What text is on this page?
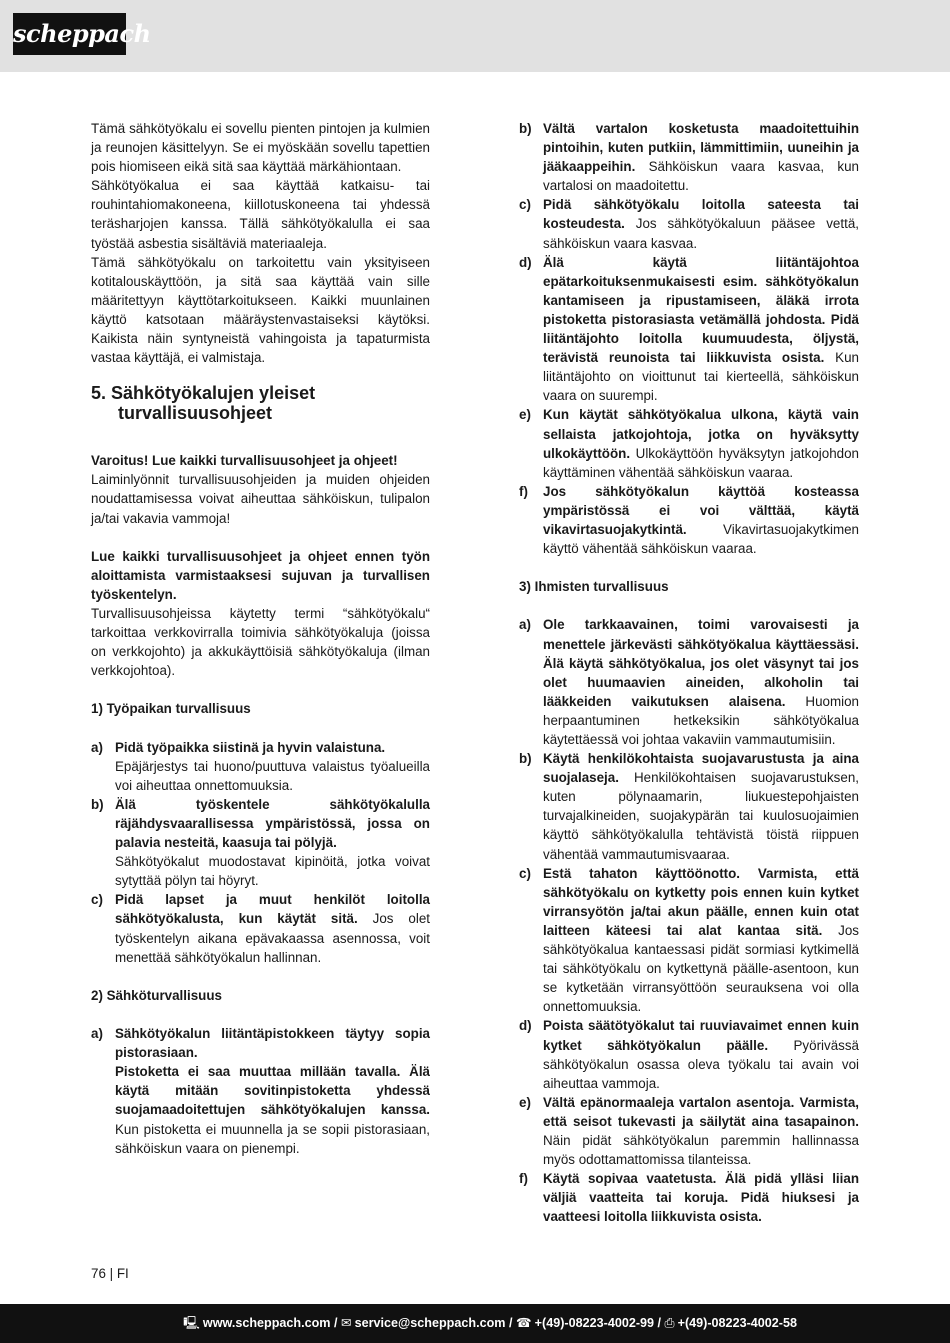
scheppach
Tämä sähkötyökalu ei sovellu pienten pintojen ja kulmien ja reunojen käsittelyyn. Se ei myöskään sovellu tapettien pois hiomiseen eikä sitä saa käyttää märkähiontaan.
Sähkötyökalua ei saa käyttää katkaisu- tai rouhintahiomakoneena, kiillotuskoneena tai yhdessä teräsharjojen kanssa. Tällä sähkötyökalulla ei saa työstää asbestia sisältäviä materiaaleja.
Tämä sähkötyökalu on tarkoitettu vain yksityiseen kotitalouskäyttöön, ja sitä saa käyttää vain sille määritettyyn käyttötarkoitukseen. Kaikki muunlainen käyttö katsotaan määräystenvastaiseksi käytöksi. Kaikista näin syntyneistä vahingoista ja tapaturmista vastaa käyttäjä, ei valmistaja.
5. Sähkötyökalujen yleiset turvallisuusohjeet
Varoitus! Lue kaikki turvallisuusohjeet ja ohjeet!
Laiminlyönnit turvallisuusohjeiden ja muiden ohjeiden noudattamisessa voivat aiheuttaa sähköiskun, tulipalon ja/tai vakavia vammoja!
Lue kaikki turvallisuusohjeet ja ohjeet ennen työn aloittamista varmistaaksesi sujuvan ja turvallisen työskentelyn.
Turvallisuusohjeissa käytetty termi “sähkötyökalu“ tarkoittaa verkkovirralla toimivia sähkötyökaluja (joissa on verkkojohto) ja akkukäyttöisiä sähkötyökaluja (ilman verkkojohtoa).
1) Työpaikan turvallisuus
a) Pidä työpaikka siistinä ja hyvin valaistuna.
Epäjärjestys tai huono/puuttuva valaistus työalueilla voi aiheuttaa onnettomuuksia.
b) Älä työskentele sähkötyökalulla räjähdysvaarallisessa ympäristössä, jossa on palavia nesteitä, kaasuja tai pölyjä.
Sähkötyökalut muodostavat kipinöitä, jotka voivat sytyttää pölyn tai höyryt.
c) Pidä lapset ja muut henkilöt loitolla sähkötyökalusta, kun käytät sitä. Jos olet työskentelyn aikana epävakaassa asennossa, voit menettää sähkötyökalun hallinnan.
2) Sähköturvallisuus
a) Sähkötyökalun liitäntäpistokkeen täytyy sopia pistorasiaan.
Pistoketta ei saa muuttaa millään tavalla. Älä käytä mitään sovitinpistoketta yhdessä suojamaadoitettujen sähkötyökalujen kanssa. Kun pistoketta ei muunnella ja se sopii pistorasiaan, sähköiskun vaara on pienempi.
b) Vältä vartalon kosketusta maadoitettuihin pintoihin, kuten putkiin, lämmittimiin, uuneihin ja jääkaappeihin. Sähköiskun vaara kasvaa, kun vartalosi on maadoitettu.
c) Pidä sähkötyökalu loitolla sateesta tai kosteudesta. Jos sähkötyökaluun pääsee vettä, sähköiskun vaara kasvaa.
d) Älä käytä liitäntäjohtoa epätarkoituksenmukaisesti esim. sähkötyökalun kantamiseen ja ripustamiseen, äläkä irrota pistoketta pistorasiasta vetämällä johdosta. Pidä liitäntäjohto loitolla kuumuudesta, öljystä, terävistä reunoista tai liikkuvista osista. Kun liitäntäjohto on vioittunut tai kierteellä, sähköiskun vaara on suurempi.
e) Kun käytät sähkötyökalua ulkona, käytä vain sellaista jatkojohtoja, jotka on hyväksytty ulkokäyttöön. Ulkokäyttöön hyväksytyn jatkojohdon käyttäminen vähentää sähköiskun vaaraa.
f) Jos sähkötyökalun käyttöä kosteassa ympäristössä ei voi välttää, käytä vikavirtasuojakytkintä.	Vikavirtasuojakytkimen käyttö vähentää sähköiskun vaaraa.
3) Ihmisten turvallisuus
a) Ole tarkkaavainen, toimi varovaisesti ja menettele järkevästi sähkötyökalua käyttäessäsi. Älä käytä sähkötyökalua, jos olet väsynyt tai jos olet huumaavien aineiden, alkoholin tai lääkkeiden vaikutuksen alaisena. Huomion herpaantuminen hetkeksikin sähkötyökalua käytettäessä voi johtaa vakaviin vammautumisiin.
b) Käytä henkilökohtaista suojavarustusta ja aina suojalaseja. Henkilökohtaisen suojavarustuksen, kuten pölynaamarin, liukuestepohjaisten turvajalkineiden, suojakypärän tai kuulosuojaimien käyttö sähkötyökalulla tehtävistä töistä riippuen vähentää vammautumisvaaraa.
c) Estä tahaton käyttöönotto. Varmista, että sähkötyökalu on kytketty pois ennen kuin kytket virransyötön ja/tai akun päälle, ennen kuin otat laitteen käteesi tai alat kantaa sitä. Jos sähkötyökalua kantaessasi pidät sormiasi kytkimellä tai sähkötyökalu on kytkettynä päälle-asentoon, kun se kytketään virransyöttöön seurauksena voi olla onnettomuuksia.
d) Poista säätötyökalut tai ruuviavaimet ennen kuin kytket sähkötyökalun päälle. Pyörivässä sähkötyökalun osassa oleva työkalu tai avain voi aiheuttaa vammoja.
e) Vältä epänormaaleja vartalon asentoja. Varmista, että seisot tukevasti ja säilytät aina tasapainon. Näin pidät sähkötyökalun paremmin hallinnassa myös odottamattomissa tilanteissa.
f) Käytä sopivaa vaatetusta. Älä pidä ylläsi liian väljiä vaatteita tai koruja. Pidä hiuksesi ja vaatteesi loitolla liikkuvista osista.
76 | FI
🖳 www.scheppach.com / ✉ service@scheppach.com / ☎ +(49)-08223-4002-99 / ⎙ +(49)-08223-4002-58
